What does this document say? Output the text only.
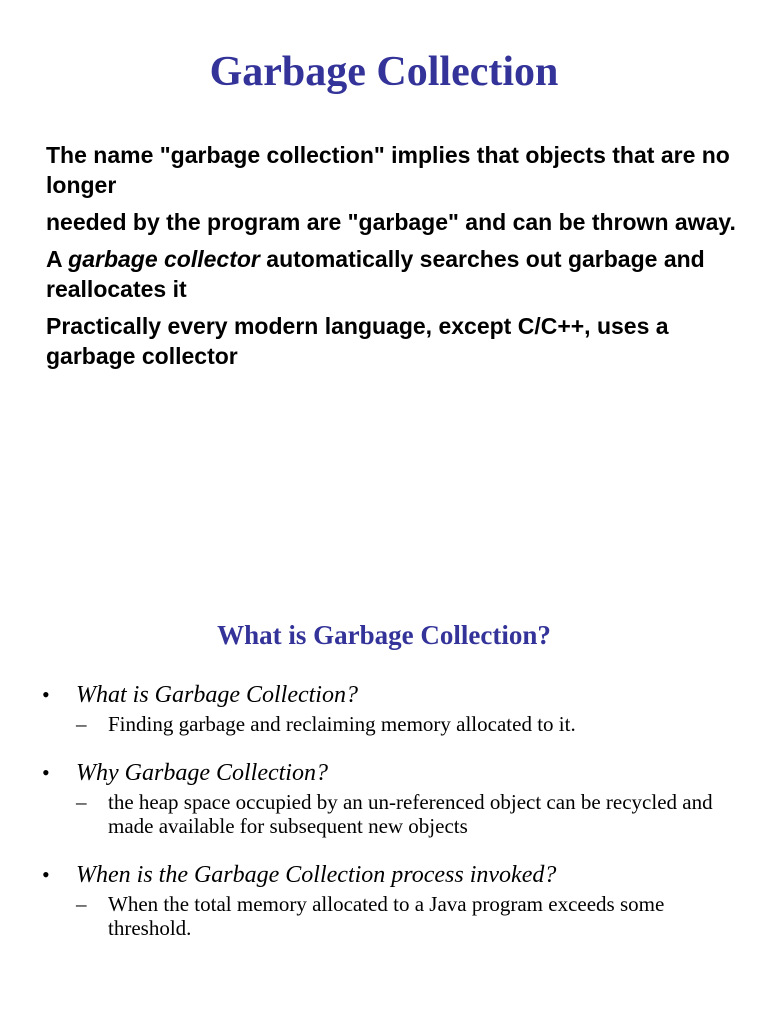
Garbage Collection

The name "garbage collection" implies that objects that are no longer

needed by the program are "garbage" and can be thrown away.

A garbage collector automatically searches out garbage and reallocates it

Practically every modern language, except C/C++, uses a garbage collector

What is Garbage Collection?
• What is Garbage Collection?
– Finding garbage and reclaiming memory allocated to it.
• Why Garbage Collection?
– the heap space occupied by an un-referenced object can be recycled and made available for subsequent new objects
• When is the Garbage Collection process invoked?
– When the total memory allocated to a Java program exceeds some threshold.
